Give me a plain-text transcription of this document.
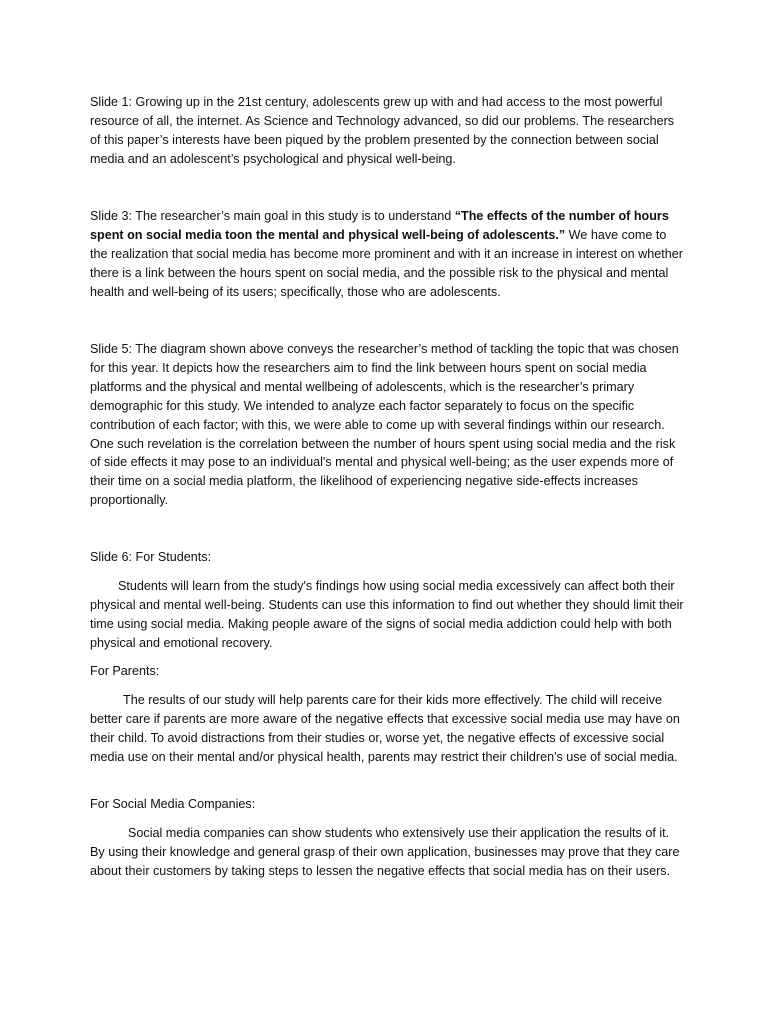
Slide 1: Growing up in the 21st century, adolescents grew up with and had access to the most powerful resource of all, the internet. As Science and Technology advanced, so did our problems. The researchers of this paper’s interests have been piqued by the problem presented by the connection between social media and an adolescent’s psychological and physical well-being.

Slide 3: The researcher’s main goal in this study is to understand “The effects of the number of hours spent on social media toon the mental and physical well-being of adolescents.” We have come to the realization that social media has become more prominent and with it an increase in interest on whether there is a link between the hours spent on social media, and the possible risk to the physical and mental health and well-being of its users; specifically, those who are adolescents.

Slide 5: The diagram shown above conveys the researcher’s method of tackling the topic that was chosen for this year. It depicts how the researchers aim to find the link between hours spent on social media platforms and the physical and mental wellbeing of adolescents, which is the researcher’s primary demographic for this study. We intended to analyze each factor separately to focus on the specific contribution of each factor; with this, we were able to come up with several findings within our research. One such revelation is the correlation between the number of hours spent using social media and the risk of side effects it may pose to an individual's mental and physical well-being; as the user expends more of their time on a social media platform, the likelihood of experiencing negative side-effects increases proportionally.

Slide 6: For Students:

Students will learn from the study's findings how using social media excessively can affect both their physical and mental well-being. Students can use this information to find out whether they should limit their time using social media. Making people aware of the signs of social media addiction could help with both physical and emotional recovery.

For Parents:

The results of our study will help parents care for their kids more effectively. The child will receive better care if parents are more aware of the negative effects that excessive social media use may have on their child. To avoid distractions from their studies or, worse yet, the negative effects of excessive social media use on their mental and/or physical health, parents may restrict their children's use of social media.

For Social Media Companies:

Social media companies can show students who extensively use their application the results of it. By using their knowledge and general grasp of their own application, businesses may prove that they care about their customers by taking steps to lessen the negative effects that social media has on their users.
